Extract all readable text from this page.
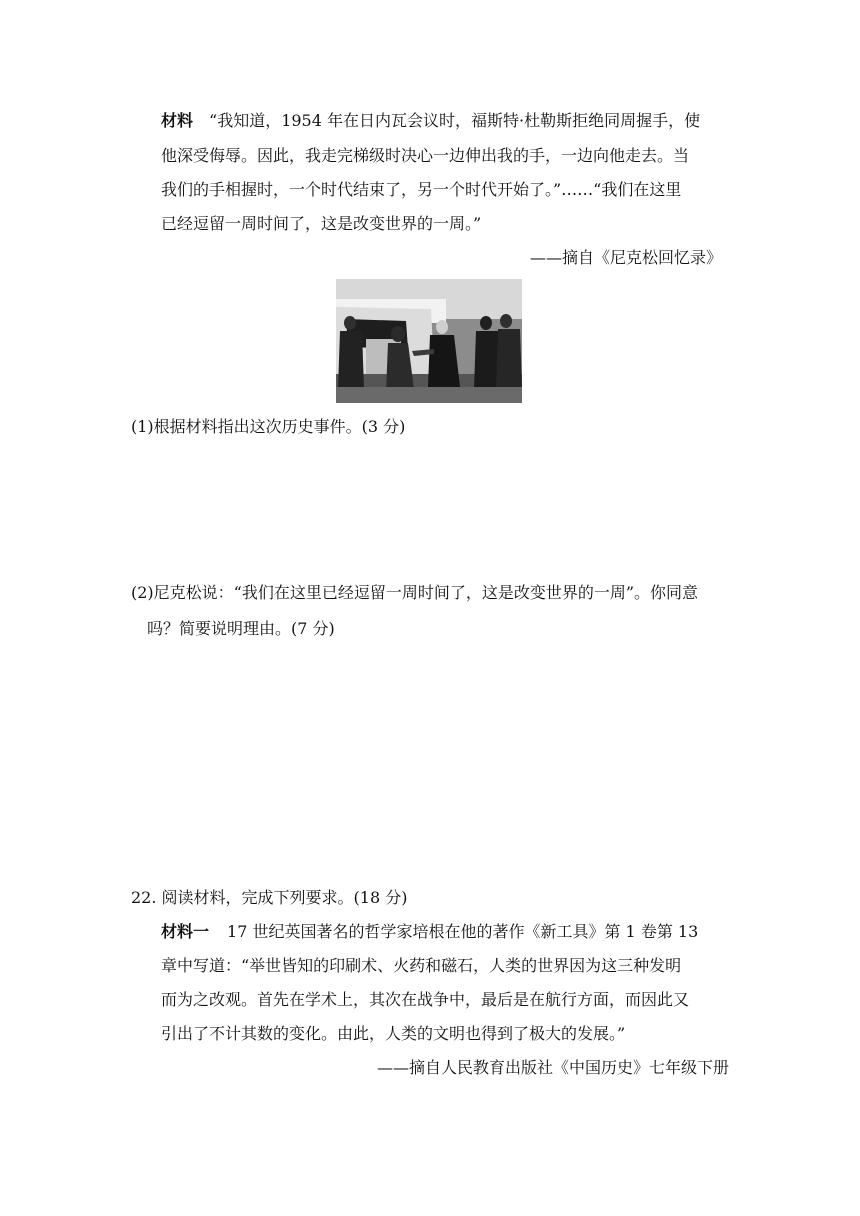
材料 “我知道，1954 年在日内瓦会议时，福斯特·杜勒斯拒绝同周握手，使
他深受侮辱。因此，我走完梯级时决心一边伸出我的手，一边向他走去。当
我们的手相握时，一个时代结束了，另一个时代开始了。”……“我们在这里
已经逗留一周时间了，这是改变世界的一周。”
——摘自《尼克松回忆录》
(1)根据材料指出这次历史事件。(3 分)
(2)尼克松说：“我们在这里已经逗留一周时间了，这是改变世界的一周”。你同意
吗？简要说明理由。(7 分)
22. 阅读材料，完成下列要求。(18 分)
材料一 17 世纪英国著名的哲学家培根在他的著作《新工具》第 1 卷第 13
章中写道：“举世皆知的印刷术、火药和磁石，人类的世界因为这三种发明
而为之改观。首先在学术上，其次在战争中，最后是在航行方面，而因此又
引出了不计其数的变化。由此，人类的文明也得到了极大的发展。”
——摘自人民教育出版社《中国历史》七年级下册
